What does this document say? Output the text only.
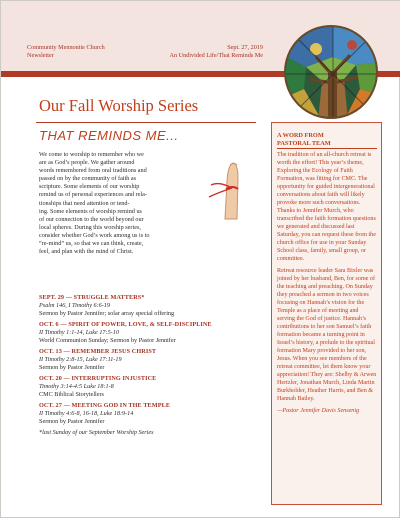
Community Mennonite Church
Newsletter
Sept. 27, 2019
An Undivided Life/That Reminds Me
Our Fall Worship Series
THAT REMINDS ME...
We come to worship to remember who we
are as God’s people. We gather around
words remembered from oral traditions and
passed on by the community of faith as
scripture. Some elements of our worship
remind us of personal experiences and rela-
tionships that need attention or tend-
ing. Some elements of worship remind us
of our connection to the world beyond our
local spheres. During this worship series,
consider whether God’s work among us is to
“re-mind” us, so that we can think, create,
feel, and plan with the mind of Christ.
SEPT. 29 — STRUGGLE MATTERS*
Psalm 146, I Timothy 6:6-19
Sermon by Pastor Jennifer; solar array special offering
OCT. 6 — SPIRIT OF POWER, LOVE, & SELF-DISCIPLINE
II Timothy 1:1-14, Luke 17:5-10
World Communion Sunday; Sermon by Pastor Jennifer
OCT. 13 — REMEMBER JESUS CHRIST
II Timothy 2:8-15, Luke 17:11-19
Sermon by Pastor Jennifer
OCT. 20 — INTERRUPTING INJUSTICE
Timothy 3:14-4:5 Luke 18:1-8
CMC Biblical Storytellers
OCT. 27 — MEETING GOD IN THE TEMPLE
II Timothy 4:6-8, 16-18, Luke 18:9-14
Sermon by Pastor Jennifer
*last Sunday of our September Worship Series
A WORD FROM
PASTORAL TEAM

The tradition of an all-church retreat is worth the effort! This year’s theme, Exploring the Ecology of Faith Formation, was fitting for CMC. The opportunity for guided intergenerational conversations about faith will likely provoke more such conversations. Thanks to Jennifer Murch, who transcribed the faith formation questions we generated and discussed last Saturday, you can request these from the church office for use in your Sunday School class, family, small group, or committee.

Retreat resource leader Sara Bixler was joined by her husband, Ben, for some of the teaching and preaching. On Sunday they preached a sermon in two voices focusing on Hannah’s vision for the Temple as a place of meeting and serving the God of justice. Hannah’s contributions to her son Samuel’s faith formation became a turning point in Israel’s history, a prelude to the spiritual formation Mary provided to her son, Jesus. When you see members of the retreat committee, let them know your appreciation! They are: Shelby & Arwen Hertzler, Jonathan Murch, Linda Martin Burkholder, Heather Harris, and Ben & Hannah Bailey.

—Pastor Jennifer Davis Sensenig
